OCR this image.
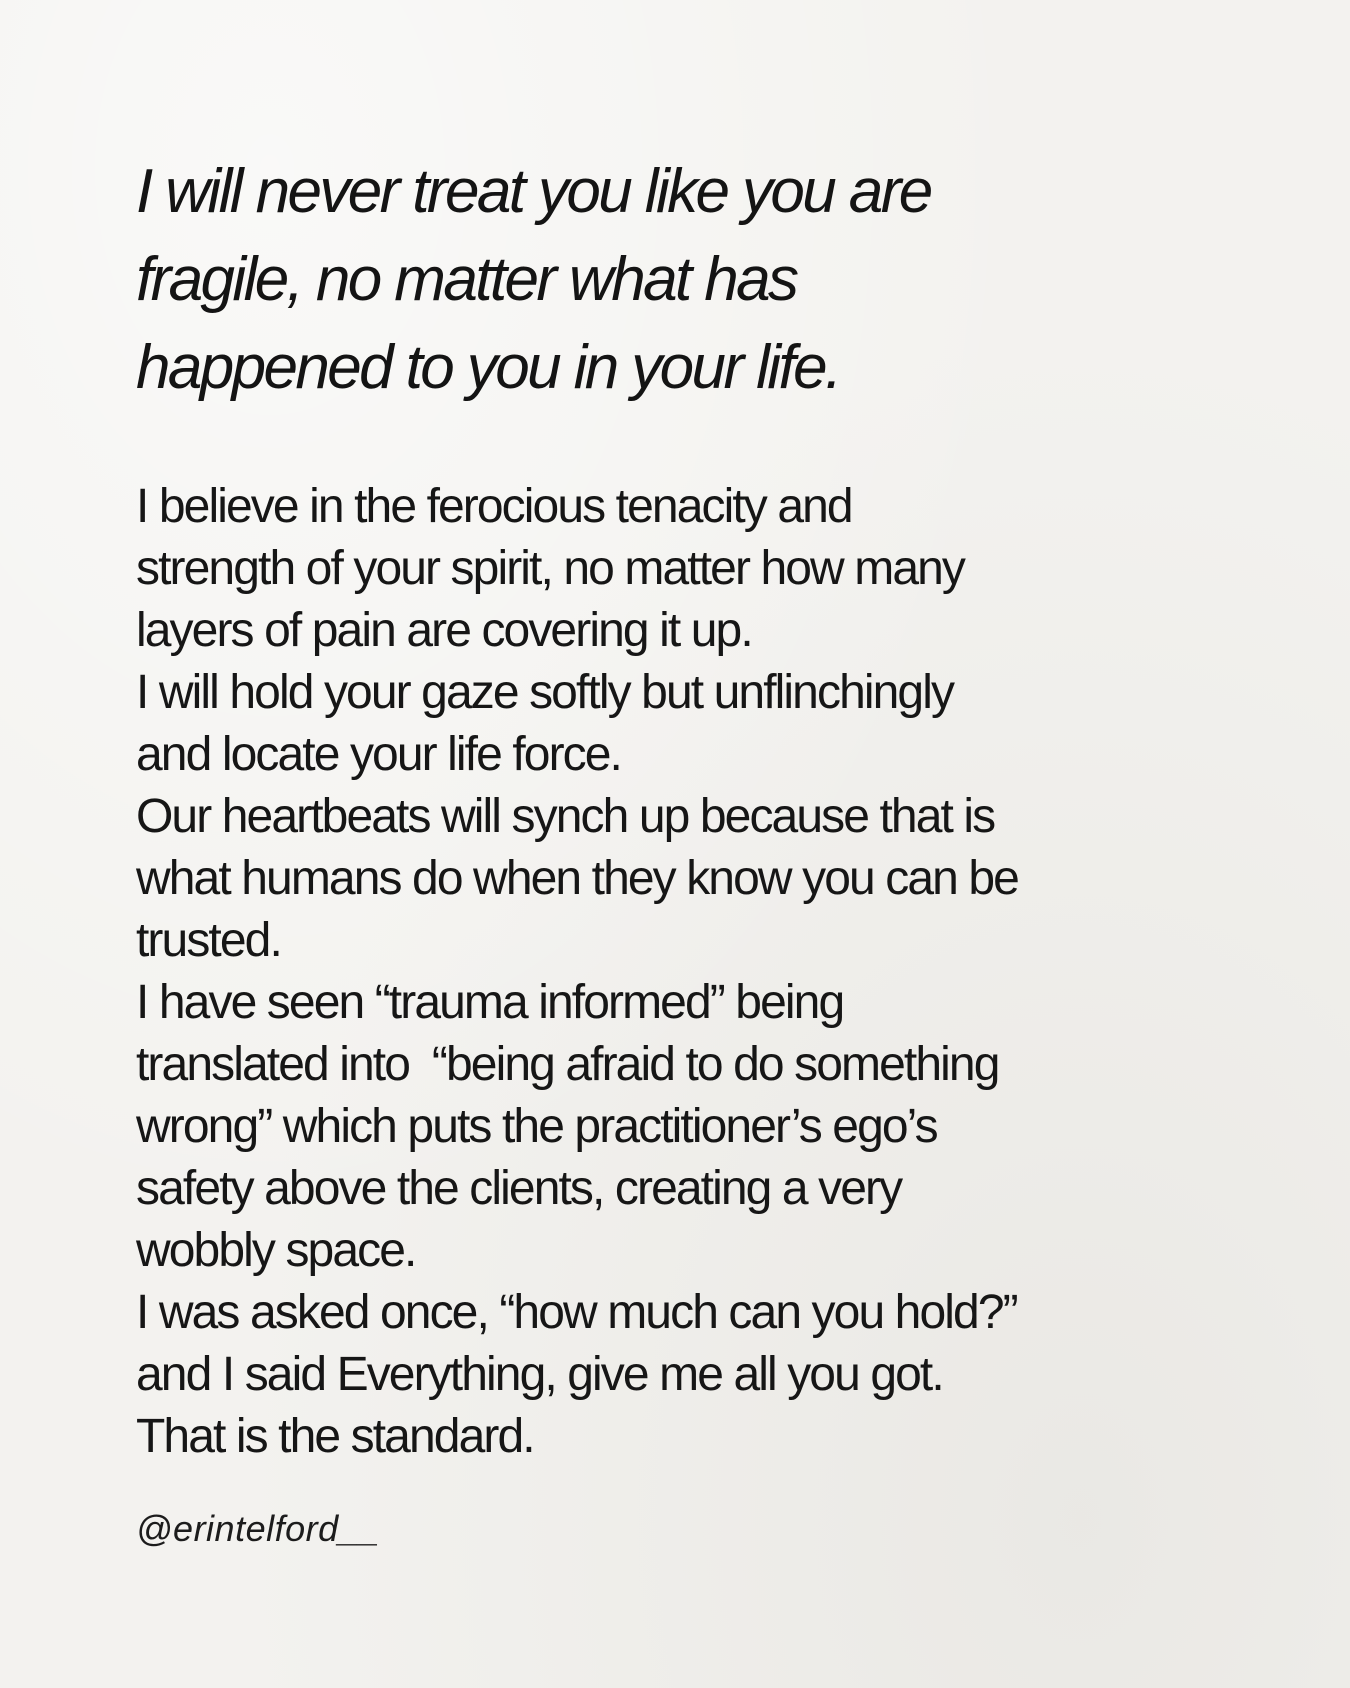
I will never treat you like you are
fragile, no matter what has
happened to you in your life.
I believe in the ferocious tenacity and
strength of your spirit, no matter how many
layers of pain are covering it up.
I will hold your gaze softly but unflinchingly
and locate your life force.
Our heartbeats will synch up because that is
what humans do when they know you can be
trusted.
I have seen “trauma informed” being
translated into  “being afraid to do something
wrong” which puts the practitioner’s ego’s
safety above the clients, creating a very
wobbly space.
I was asked once, “how much can you hold?”
and I said Everything, give me all you got.
That is the standard.
@erintelford__
